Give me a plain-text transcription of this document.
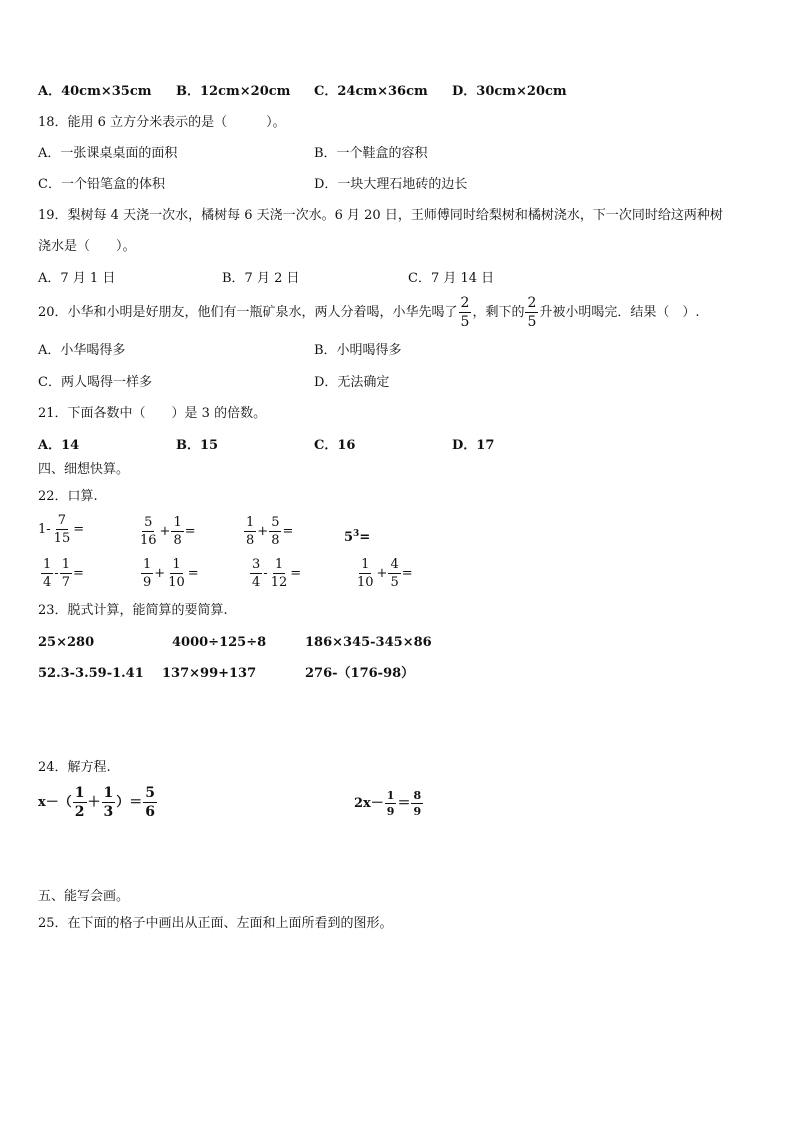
A．40cm×35cm B．12cm×20cm C．24cm×36cm D．30cm×20cm
18．能用 6 立方分米表示的是（　　　）。
A．一张课桌桌面的面积	B．一个鞋盒的容积
C．一个铅笔盒的体积	D．一块大理石地砖的边长
19．梨树每 4 天浇一次水，橘树每 6 天浇一次水。6 月 20 日，王师傅同时给梨树和橘树浇水，下一次同时给这两种树
浇水是（　　）。
A．7 月 1 日	B．7 月 2 日	C．7 月 14 日
20．小华和小明是好朋友，他们有一瓶矿泉水，两人分着喝，小华先喝了 $\frac{2}{5}$ ，剩下的 $\frac{2}{5}$ 升被小明喝完．结果（　）.
A．小华喝得多	B．小明喝得多
C．两人喝得一样多	D．无法确定
21．下面各数中（　　）是 3 的倍数。
A．14	B．15	C．16	D．17
四、细想快算。
22．口算.
$1- \frac{7}{15}$ =	$\frac{5}{16} + \frac{1}{8}$ =	$\frac{1}{8} + \frac{5}{8}$ =	$5^3=$
$\frac{1}{4} - \frac{1}{7}$ =	$\frac{1}{9} + \frac{1}{10}$ =	$\frac{3}{4} - \frac{1}{12}$ =	$\frac{1}{10} + \frac{4}{5}$ =
23．脱式计算，能简算的要简算.
25×280	4000÷125÷8	186×345-345×86
52.3-3.59-1.41 137×99+137	276-（176-98）
24．解方程.
$x-( \frac{1}{2} + \frac{1}{3}$ ）＝ $\frac{5}{6}$	$2x- \frac{1}{9} = \frac{8}{9}$
五、能写会画。
25．在下面的格子中画出从正面、左面和上面所看到的图形。
